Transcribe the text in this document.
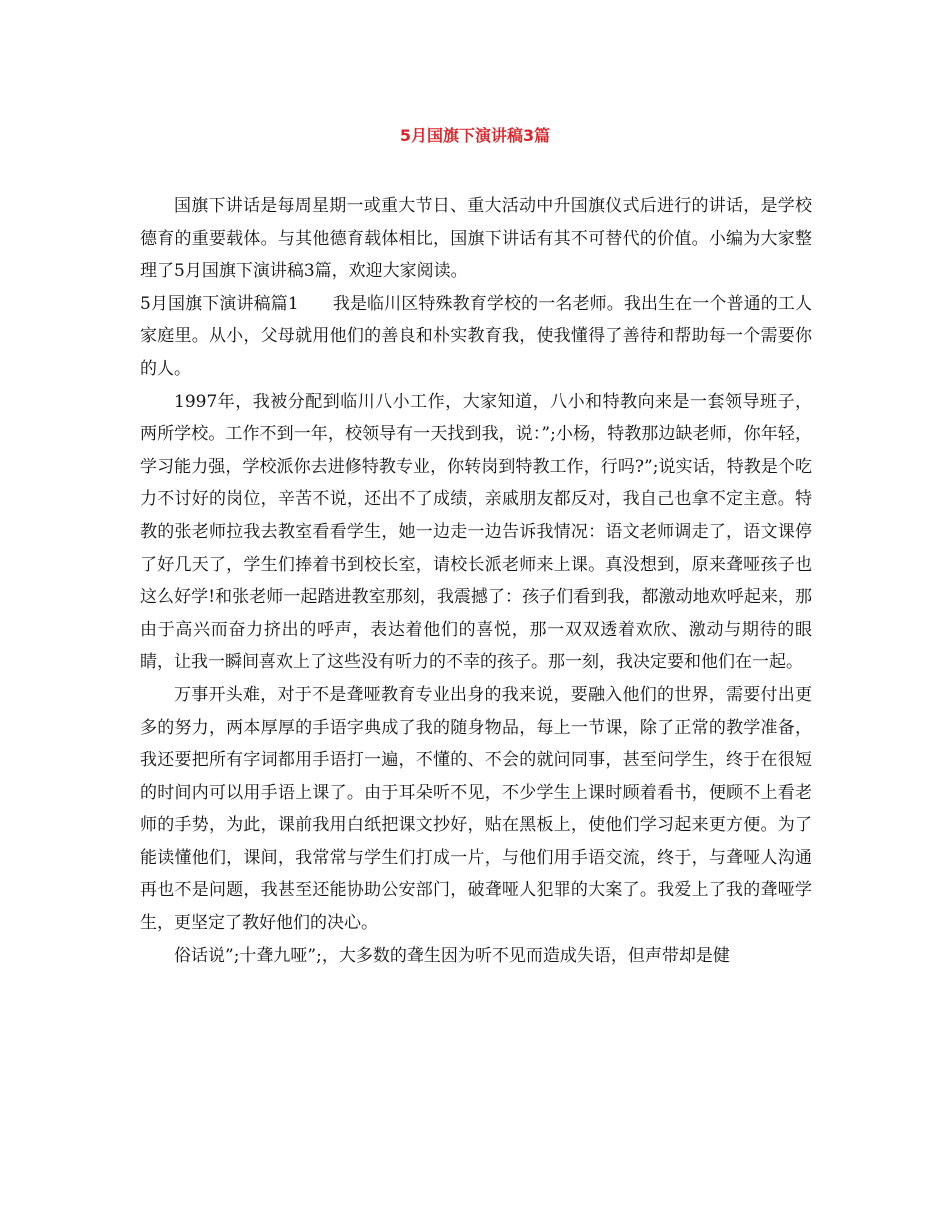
5月国旗下演讲稿3篇

国旗下讲话是每周星期一或重大节日、重大活动中升国旗仪式后进行的讲话，是学校德育的重要载体。与其他德育载体相比，国旗下讲话有其不可替代的价值。小编为大家整理了5月国旗下演讲稿3篇，欢迎大家阅读。

5月国旗下演讲稿篇1 我是临川区特殊教育学校的一名老师。我出生在一个普通的工人家庭里。从小，父母就用他们的善良和朴实教育我，使我懂得了善待和帮助每一个需要你的人。

1997年，我被分配到临川八小工作，大家知道，八小和特教向来是一套领导班子，两所学校。工作不到一年，校领导有一天找到我，说：”;小杨，特教那边缺老师，你年轻，学习能力强，学校派你去进修特教专业，你转岗到特教工作，行吗?”;说实话，特教是个吃力不讨好的岗位，辛苦不说，还出不了成绩，亲戚朋友都反对，我自己也拿不定主意。特教的张老师拉我去教室看看学生，她一边走一边告诉我情况：语文老师调走了，语文课停了好几天了，学生们捧着书到校长室，请校长派老师来上课。真没想到，原来聋哑孩子也这么好学!和张老师一起踏进教室那刻，我震撼了：孩子们看到我，都激动地欢呼起来，那由于高兴而奋力挤出的呼声，表达着他们的喜悦，那一双双透着欢欣、激动与期待的眼睛，让我一瞬间喜欢上了这些没有听力的不幸的孩子。那一刻，我决定要和他们在一起。

万事开头难，对于不是聋哑教育专业出身的我来说，要融入他们的世界，需要付出更多的努力，两本厚厚的手语字典成了我的随身物品，每上一节课，除了正常的教学准备，我还要把所有字词都用手语打一遍，不懂的、不会的就问同事，甚至问学生，终于在很短的时间内可以用手语上课了。由于耳朵听不见，不少学生上课时顾着看书，便顾不上看老师的手势，为此，课前我用白纸把课文抄好，贴在黑板上，使他们学习起来更方便。为了能读懂他们，课间，我常常与学生们打成一片，与他们用手语交流，终于，与聋哑人沟通再也不是问题，我甚至还能协助公安部门，破聋哑人犯罪的大案了。我爱上了我的聋哑学生，更坚定了教好他们的决心。

俗话说”;十聋九哑”;，大多数的聋生因为听不见而造成失语，但声带却是健
